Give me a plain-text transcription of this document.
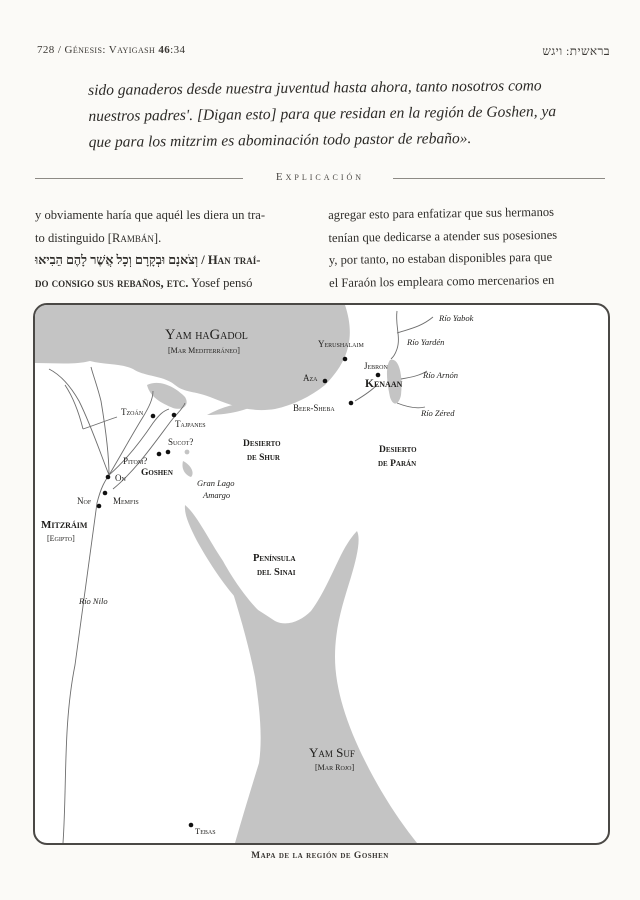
728 / Génesis: Vayigash 46:34	בראשית: ויגש
sido ganaderos desde nuestra juventud hasta ahora, tanto nosotros como
nuestros padres'. [Digan esto] para que residan en la región de Goshen, ya
que para los mitzrim es abominación todo pastor de rebaño».
Explicación

y obviamente haría que aquél les diera un tra-

to distinguido [Rambán].

וְצֹאנָם וּבְקָרָם וְכָל אֲשֶׁר לָהֶם הֵבִיאוּ / Han traí-

do consigo sus rebaños, etc. Yosef pensó

agregar esto para enfatizar que sus hermanos

tenían que dedicarse a atender sus posesiones

y, por tanto, no estaban disponibles para que

el Faraón los empleara como mercenarios en

Yam haGadol
[Mar Mediterráneo]
Yerushalaim
Jebron
Aza	Kenaan
Beer-Sheba
Río Yabok
Río Yardén
Río Arnón
Río Zéred
Tzoán
Tajpanes
Sucot?
Pitom?
On Goshen
Gran Lago
Amargo
Nof Memfis
Desierto
de Shur
Desierto
de Parán
Mitzráim
[Egipto]
Río Nilo
Península
del Sinai
Yam Suf
[Mar Rojo]
Tebas
Mapa de la región de Goshen
